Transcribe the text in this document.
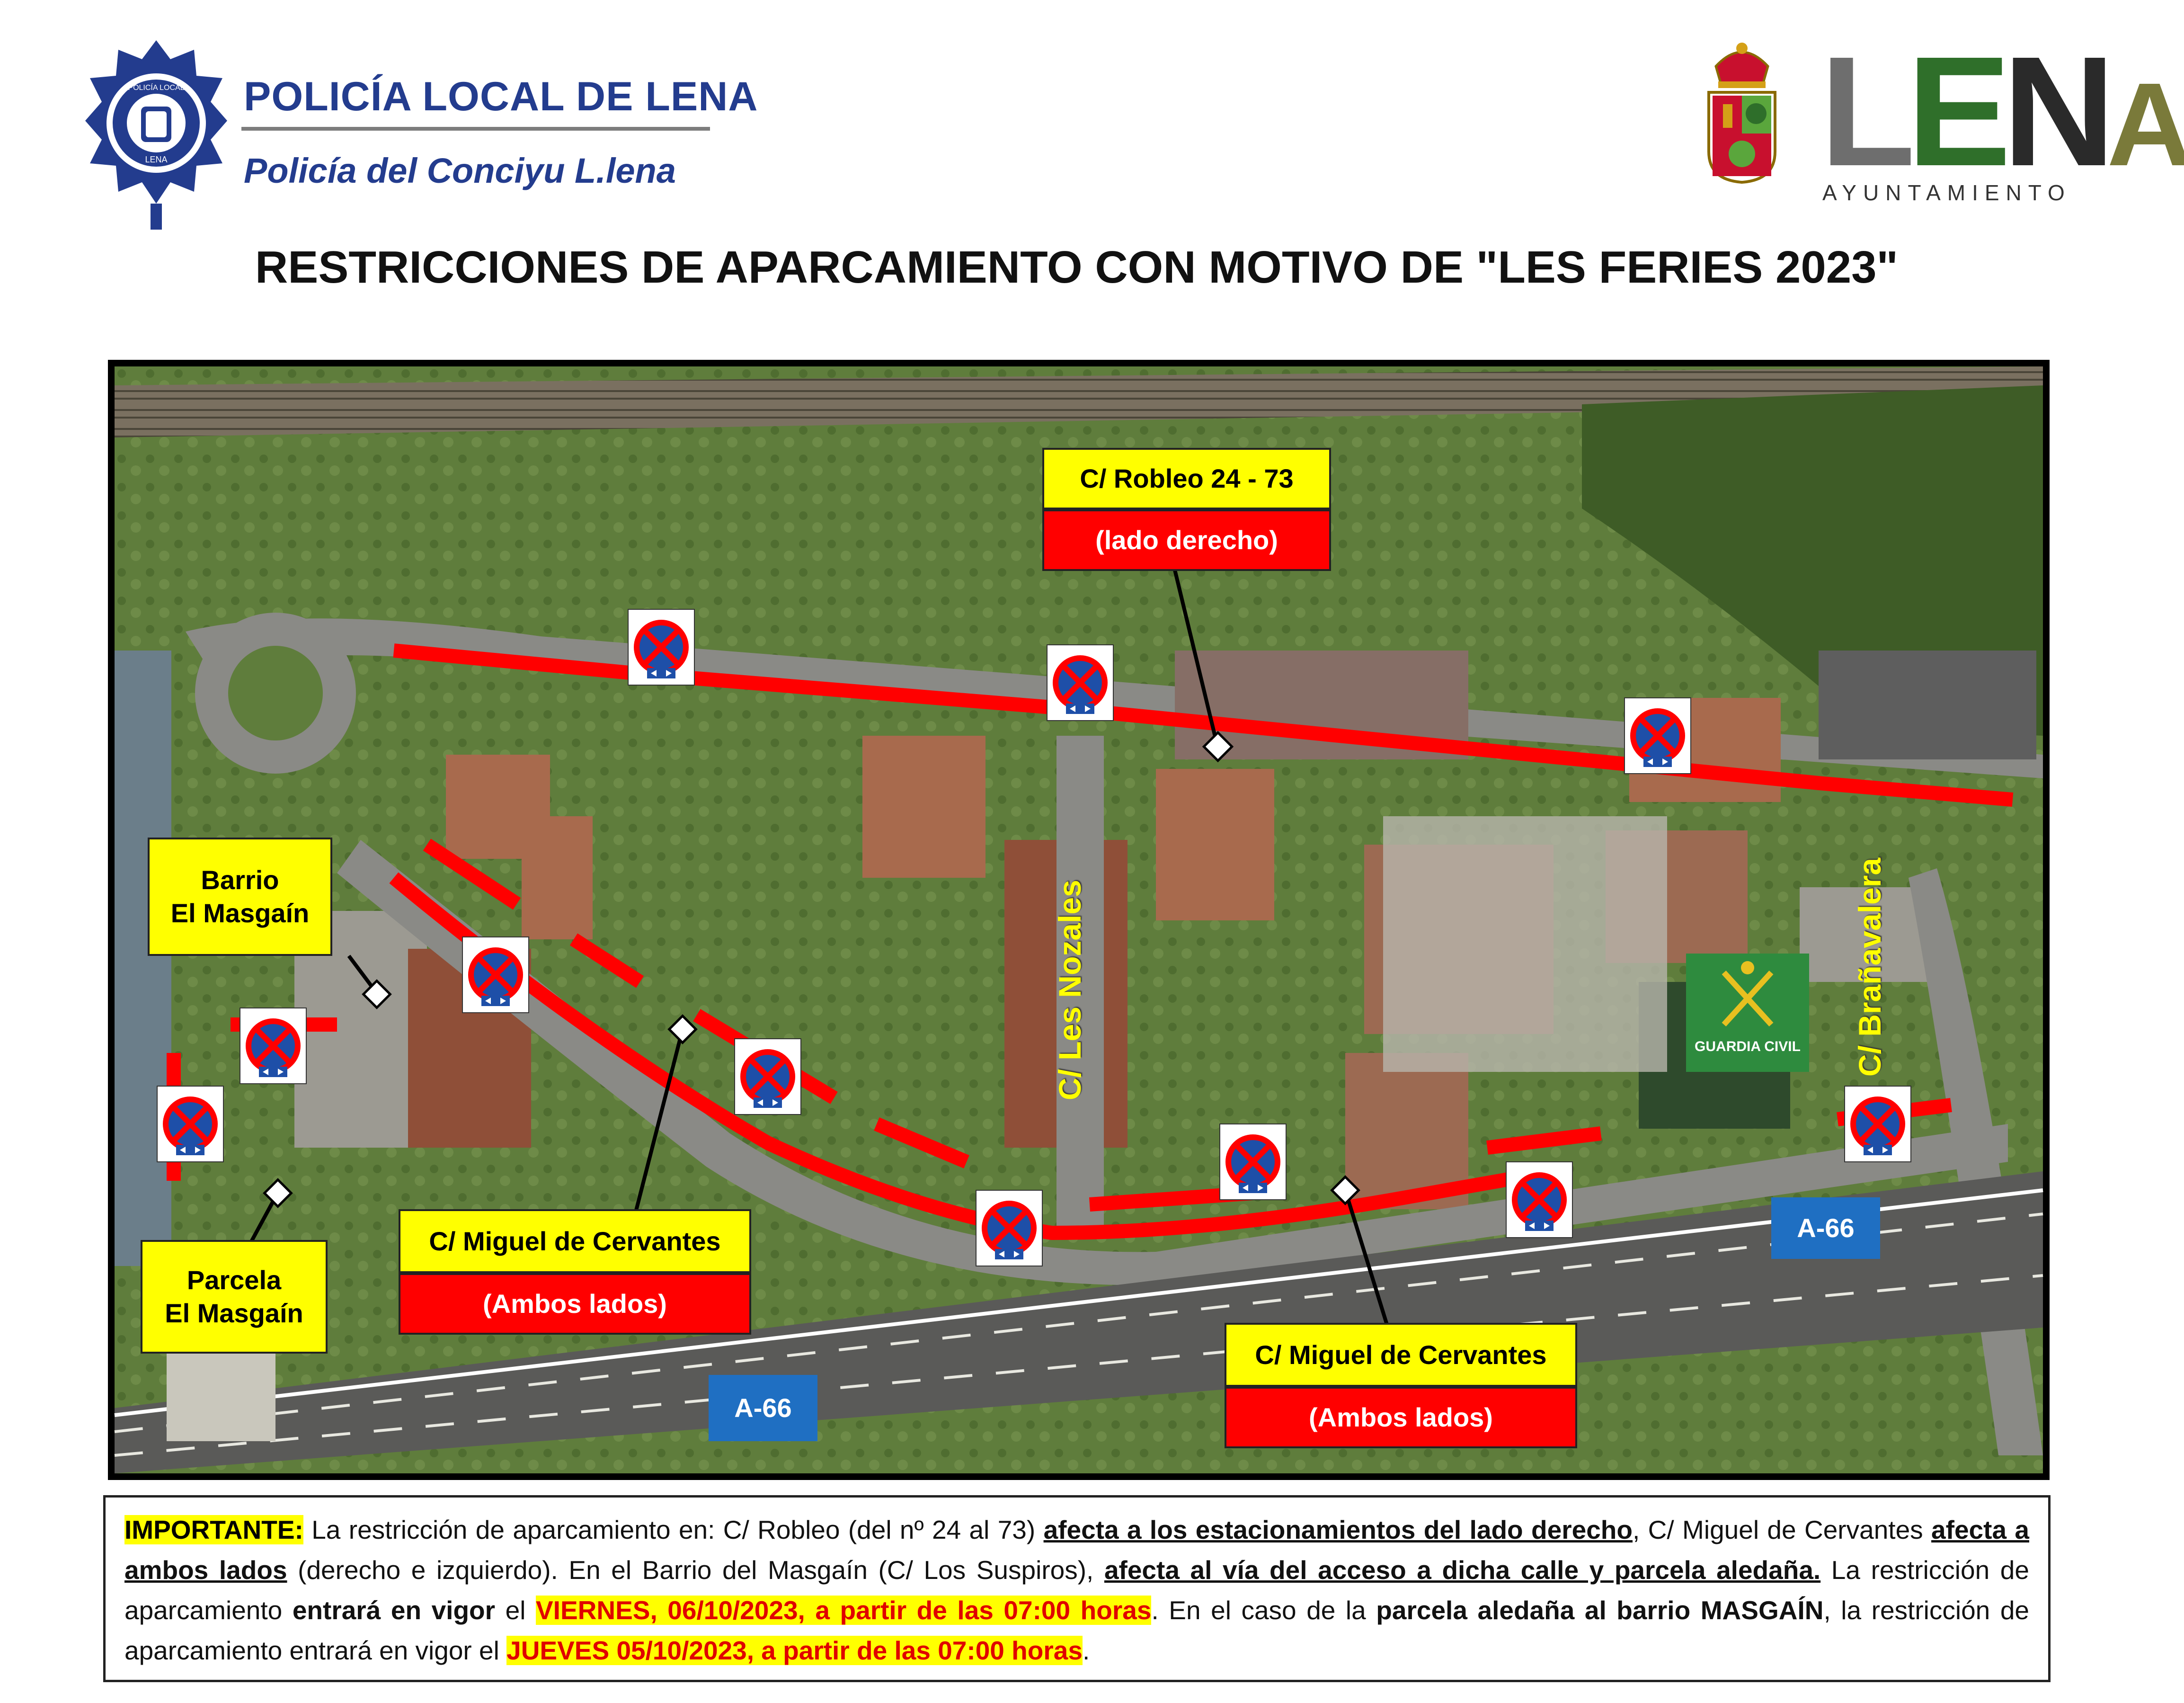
POLICÍA LOCAL
LENA
POLICÍA LOCAL DE LENA
Policía del Conciyu L.lena	LENA
AYUNTAMIENTO
RESTRICCIONES DE APARCAMIENTO CON MOTIVO DE "LES FERIES 2023"
GUARDIA CIVIL
C/ Les Nozales	C/ Brañavalera
C/ Robleo 24 - 73
(lado derecho)
Barrio
El Masgaín
Parcela
El Masgaín
C/ Miguel de Cervantes
(Ambos lados)
C/ Miguel de Cervantes
(Ambos lados)
A-66
A-66
IMPORTANTE: La restricción de aparcamiento en: C/ Robleo (del nº 24 al 73) afecta a los estacionamientos del lado derecho, C/ Miguel de Cervantes afecta a ambos lados (derecho e izquierdo). En el Barrio del Masgaín (C/ Los Suspiros), afecta al vía del acceso a dicha calle y parcela aledaña. La restricción de aparcamiento entrará en vigor el VIERNES, 06/10/2023, a partir de las 07:00 horas. En el caso de la parcela aledaña al barrio MASGAÍN, la restricción de aparcamiento entrará en vigor el JUEVES 05/10/2023, a partir de las 07:00 horas.
